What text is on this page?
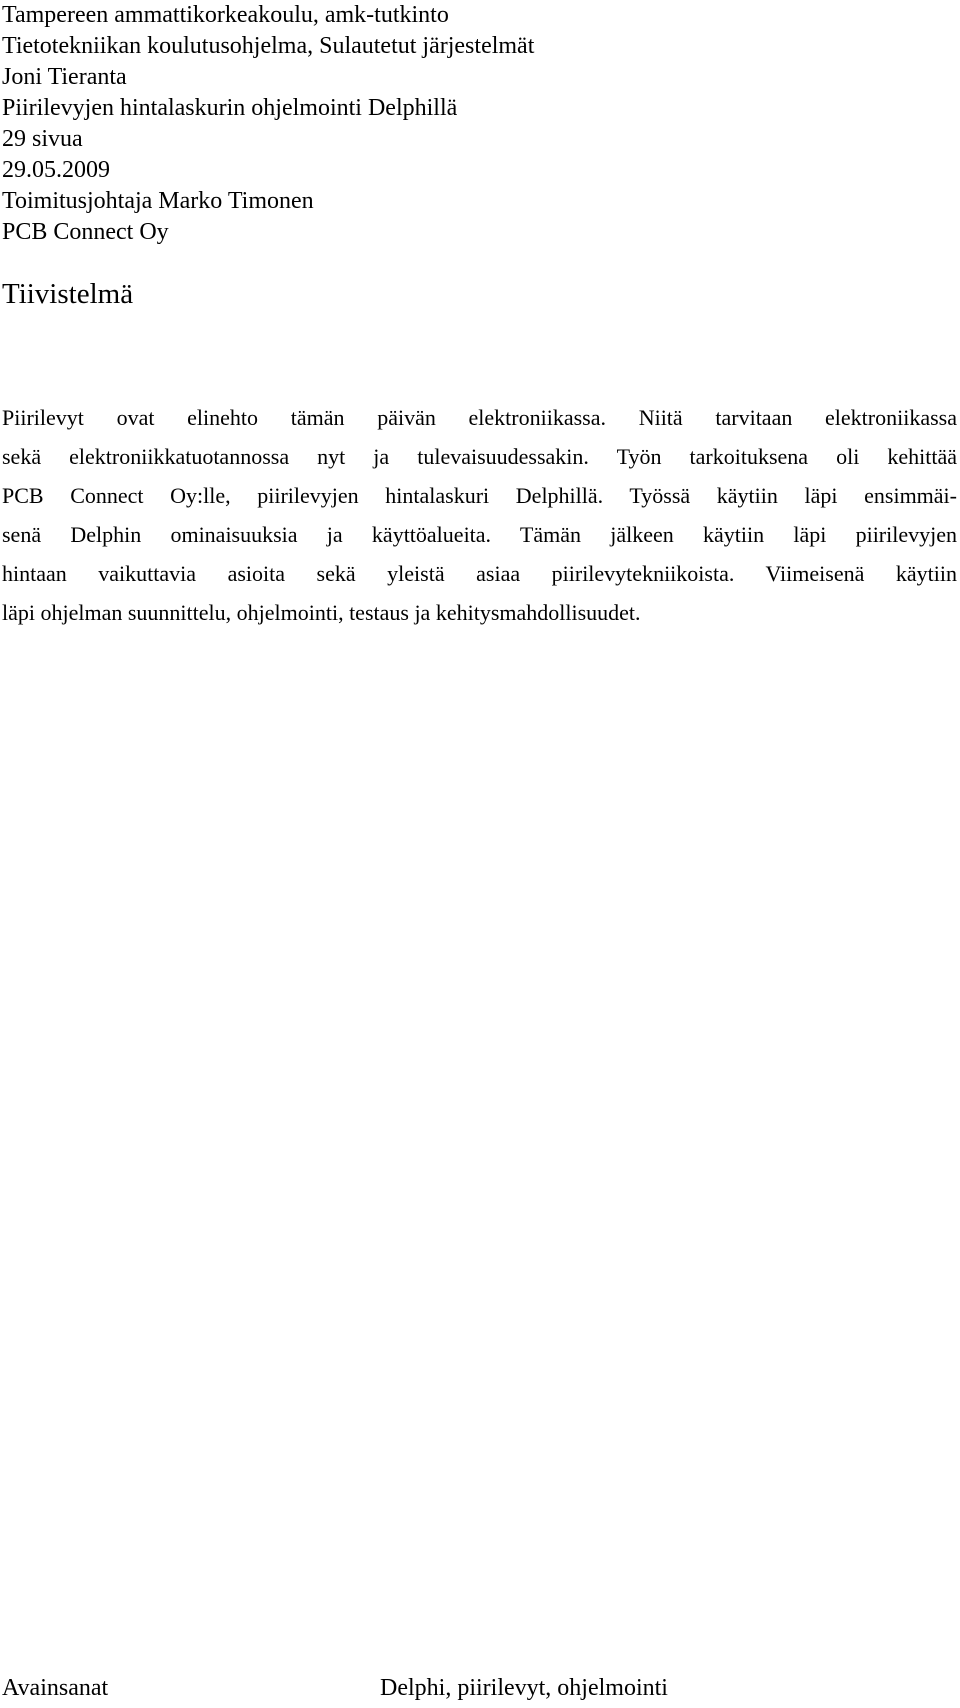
Tampereen ammattikorkeakoulu, amk-tutkinto
Tietotekniikan koulutusohjelma, Sulautetut järjestelmät
Joni Tieranta
Piirilevyjen hintalaskurin ohjelmointi Delphillä
29 sivua
29.05.2009
Toimitusjohtaja Marko Timonen
PCB Connect Oy
Tiivistelmä
Piirilevyt ovat elinehto tämän päivän elektroniikassa. Niitä tarvitaan elektroniikassa
sekä elektroniikkatuotannossa nyt ja tulevaisuudessakin. Työn tarkoituksena oli kehittää
PCB Connect Oy:lle, piirilevyjen hintalaskuri Delphillä. Työssä käytiin läpi ensimmäi-
senä Delphin ominaisuuksia ja käyttöalueita. Tämän jälkeen käytiin läpi piirilevyjen
hintaan vaikuttavia asioita sekä yleistä asiaa piirilevytekniikoista. Viimeisenä käytiin
läpi ohjelman suunnittelu, ohjelmointi, testaus ja kehitysmahdollisuudet.
Avainsanat	Delphi, piirilevyt, ohjelmointi
